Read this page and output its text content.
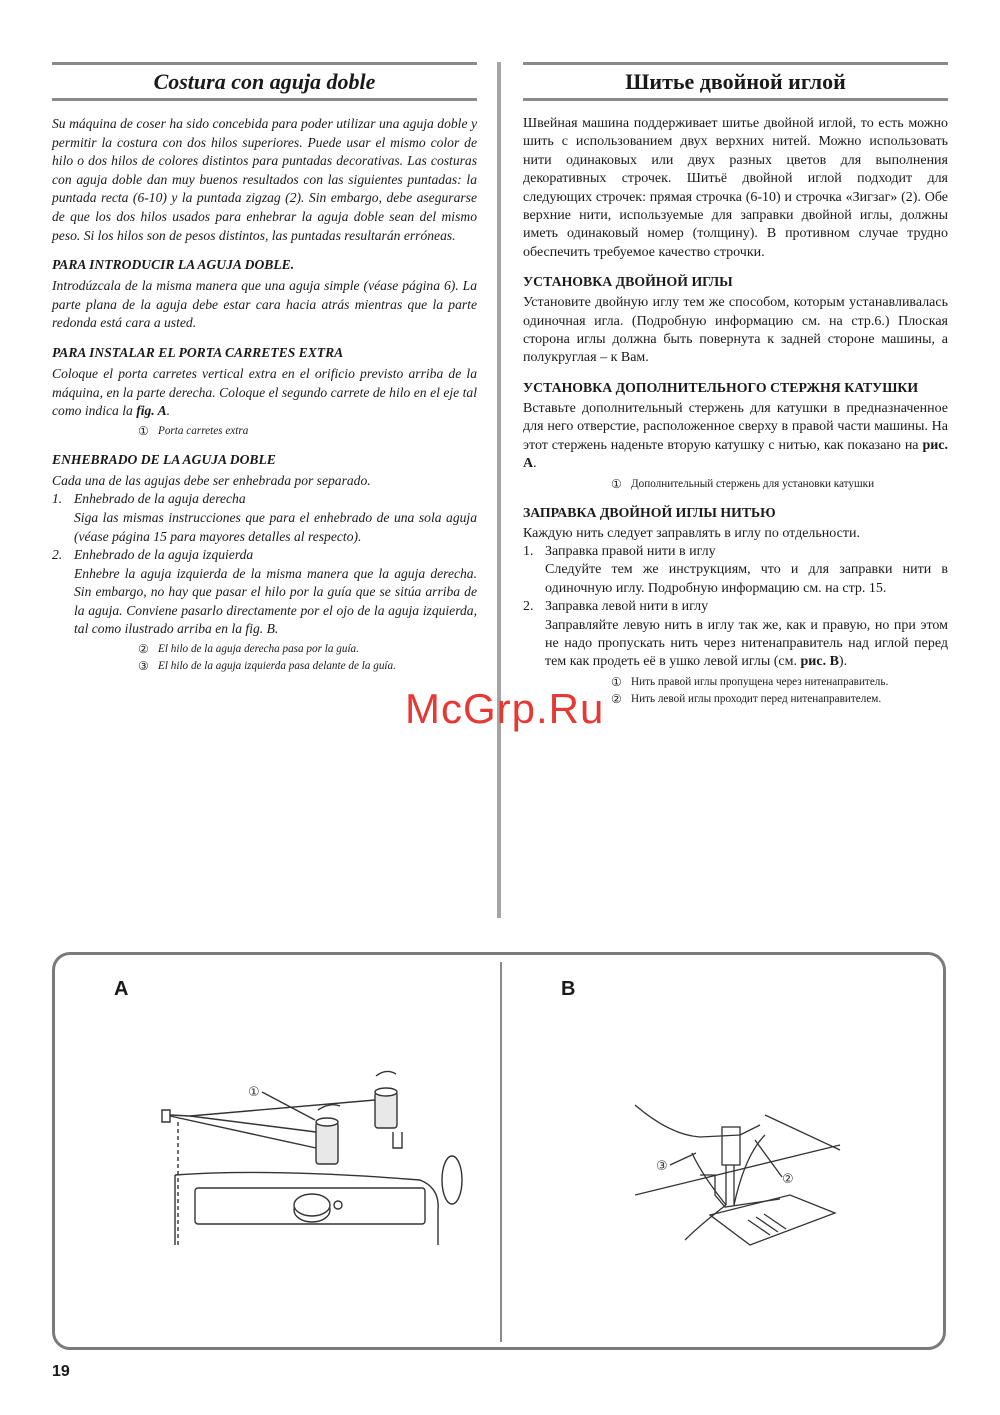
Costura con aguja doble

Su máquina de coser ha sido concebida para poder utilizar una aguja doble y permitir la costura con dos hilos superiores. Puede usar el mismo color de hilo o dos hilos de colores distintos para puntadas decorativas. Las costuras con aguja doble dan muy buenos resultados con las siguientes puntadas: la puntada recta (6-10) y la puntada zigzag (2). Sin embargo, debe asegurarse de que los dos hilos usados para enhebrar la aguja doble sean del mismo peso. Si los hilos son de pesos distintos, las puntadas resultarán erróneas.

PARA INTRODUCIR LA AGUJA DOBLE.

Introdúzcala de la misma manera que una aguja simple (véase página 6). La parte plana de la aguja debe estar cara hacia atrás mientras que la parte redonda está cara a usted.

PARA INSTALAR EL PORTA CARRETES EXTRA

Coloque el porta carretes vertical extra en el orificio previsto arriba de la máquina, en la parte derecha. Coloque el segundo carrete de hilo en el eje tal como indica la fig. A.

① Porta carretes extra
ENHEBRADO DE LA AGUJA DOBLE

Cada una de las agujas debe ser enhebrada por separado.

1. Enhebrado de la aguja derecha

Siga las mismas instrucciones que para el enhebrado de una sola aguja (véase página 15 para mayores detalles al respecto).

2. Enhebrado de la aguja izquierda

Enhebre la aguja izquierda de la misma manera que la aguja derecha. Sin embargo, no hay que pasar el hilo por la guía que se sitúa arriba de la aguja. Conviene pasarlo directamente por el ojo de la aguja izquierda, tal como ilustrado arriba en la fig. B.

② El hilo de la aguja derecha pasa por la guía.
③ El hilo de la aguja izquierda pasa delante de la guía.
Шитье двойной иглой

Швейная машина поддерживает шитье двойной иглой, то есть можно шить с использованием двух верхних нитей. Можно использовать нити одинаковых или двух разных цветов для выполнения декоративных строчек. Шитьё двойной иглой подходит для следующих строчек: прямая строчка (6-10) и строчка «Зигзаг» (2). Обе верхние нити, используемые для заправки двойной иглы, должны иметь одинаковый номер (толщину). В противном случае трудно обеспечить требуемое качество строчки.

УСТАНОВКА ДВОЙНОЙ ИГЛЫ

Установите двойную иглу тем же способом, которым устанавливалась одиночная игла. (Подробную информацию см. на стр.6.) Плоская сторона иглы должна быть повернута к задней стороне машины, а полукруглая – к Вам.

УСТАНОВКА ДОПОЛНИТЕЛЬНОГО СТЕРЖНЯ КАТУШКИ

Вставьте дополнительный стержень для катушки в предназначенное для него отверстие, расположенное сверху в правой части машины. На этот стержень наденьте вторую катушку с нитью, как показано на рис. A.

① Дополнительный стержень для установки катушки
ЗАПРАВКА ДВОЙНОЙ ИГЛЫ НИТЬЮ

Каждую нить следует заправлять в иглу по отдельности.

1. Заправка правой нити в иглу

Следуйте тем же инструкциям, что и для заправки нити в одиночную иглу. Подробную информацию см. на стр. 15.

2. Заправка левой нити в иглу

Заправляйте левую нить в иглу так же, как и правую, но при этом не надо пропускать нить через нитенаправитель над иглой перед тем как продеть её в ушко левой иглы (см. рис. B).

① Нить правой иглы пропущена через нитенаправитель.
② Нить левой иглы проходит перед нитенаправителем.
McGrp.Ru
A	B
①
③
②
19
